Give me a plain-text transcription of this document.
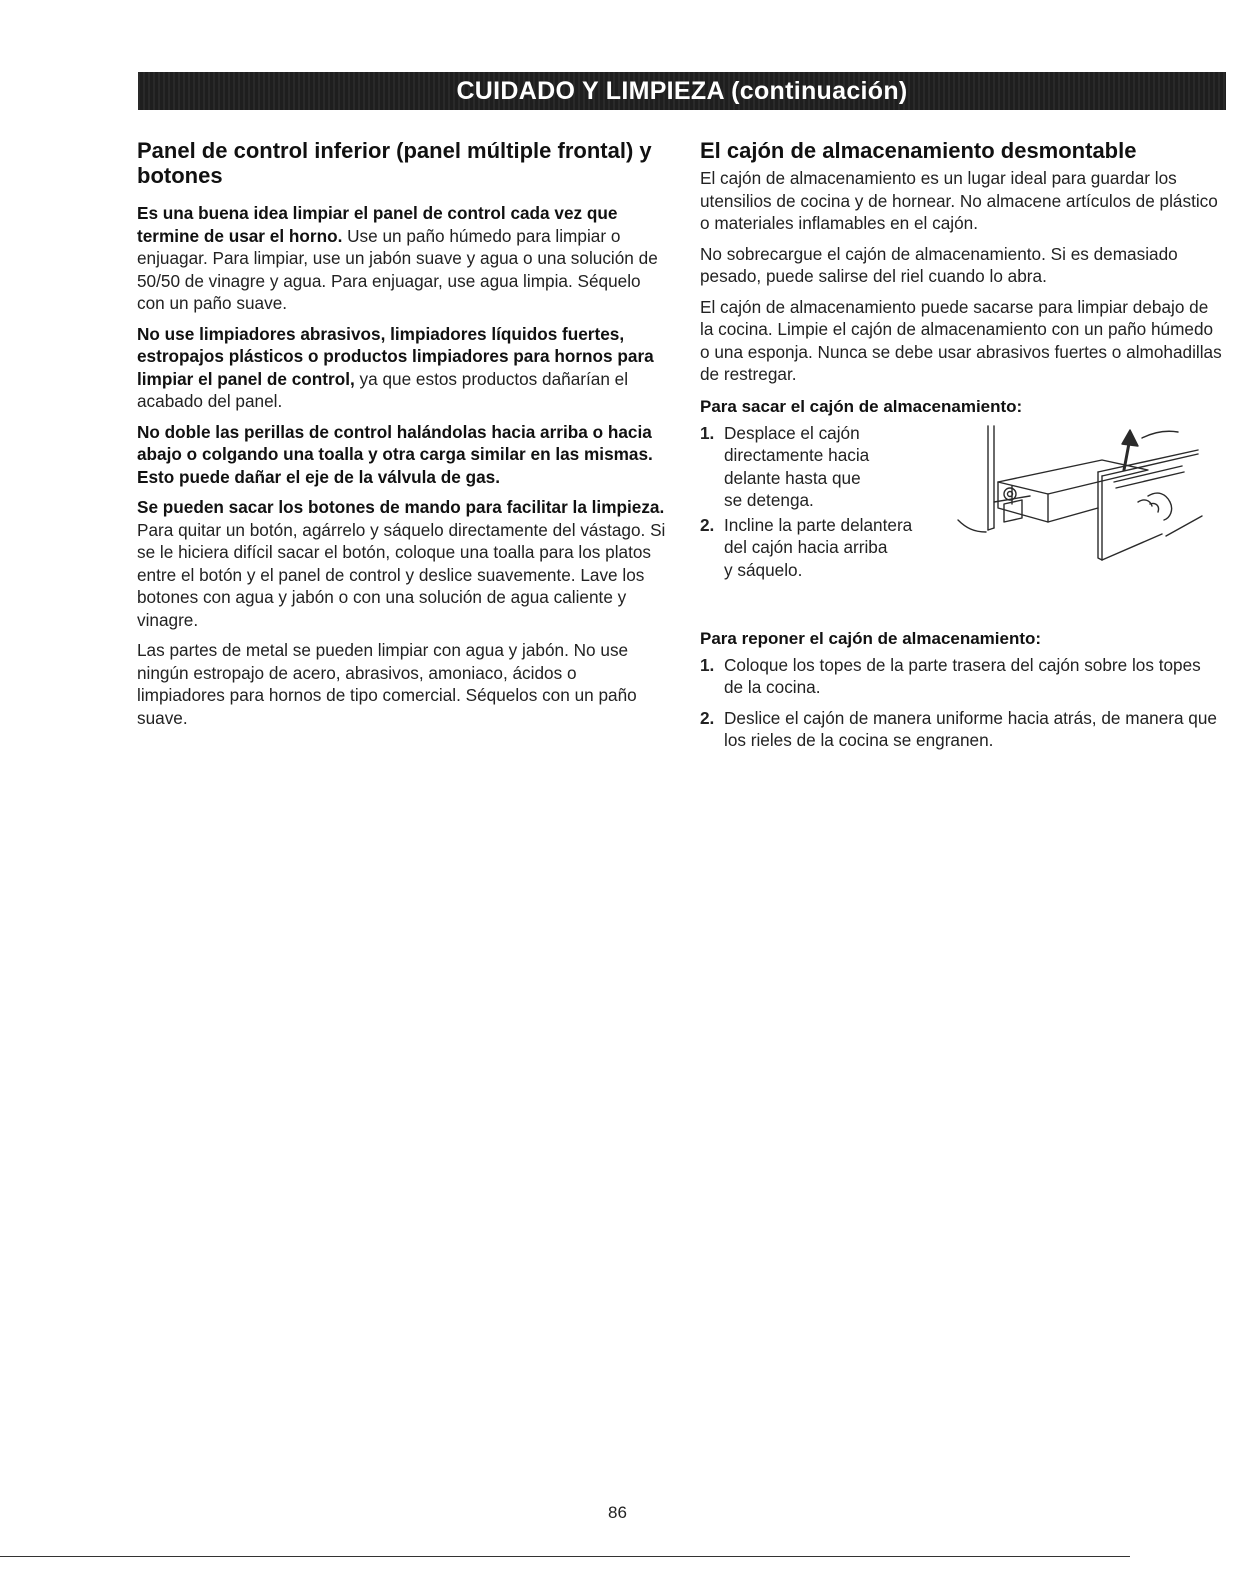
CUIDADO Y LIMPIEZA (continuación)
Panel de control inferior (panel múltiple frontal) y botones

Es una buena idea limpiar el panel de control cada vez que termine de usar el horno. Use un paño húmedo para limpiar o enjuagar. Para limpiar, use un jabón suave y agua o una solución de 50/50 de vinagre y agua. Para enjuagar, use agua limpia. Séquelo con un paño suave.

No use limpiadores abrasivos, limpiadores líquidos fuertes, estropajos plásticos o productos limpiadores para hornos para limpiar el panel de control, ya que estos productos dañarían el acabado del panel.

No doble las perillas de control halándolas hacia arriba o hacia abajo o colgando una toalla y otra carga similar en las mismas. Esto puede dañar el eje de la válvula de gas.

Se pueden sacar los botones de mando para facilitar la limpieza. Para quitar un botón, agárrelo y sáquelo directamente del vástago. Si se le hiciera difícil sacar el botón, coloque una toalla para los platos entre el botón y el panel de control y deslice suavemente. Lave los botones con agua y jabón o con una solución de agua caliente y vinagre.

Las partes de metal se pueden limpiar con agua y jabón. No use ningún estropajo de acero, abrasivos, amoniaco, ácidos o limpiadores para hornos de tipo comercial. Séquelos con un paño suave.

El cajón de almacenamiento desmontable

El cajón de almacenamiento es un lugar ideal para guardar los utensilios de cocina y de hornear. No almacene artículos de plástico o materiales inflamables en el cajón.

No sobrecargue el cajón de almacenamiento. Si es demasiado pesado, puede salirse del riel cuando lo abra.

El cajón de almacenamiento puede sacarse para limpiar debajo de la cocina. Limpie el cajón de almacenamiento con un paño húmedo o una esponja. Nunca se debe usar abrasivos fuertes o almohadillas de restregar.

Para sacar el cajón de almacenamiento:
1. Desplace el cajón
directamente hacia
delante hasta que
se detenga.
2. Incline la parte delantera
del cajón hacia arriba
y sáquelo.
Para reponer el cajón de almacenamiento:
1. Coloque los topes de la parte trasera del cajón sobre los topes de la cocina.
2. Deslice el cajón de manera uniforme hacia atrás, de manera que los rieles de la cocina se engranen.
86
